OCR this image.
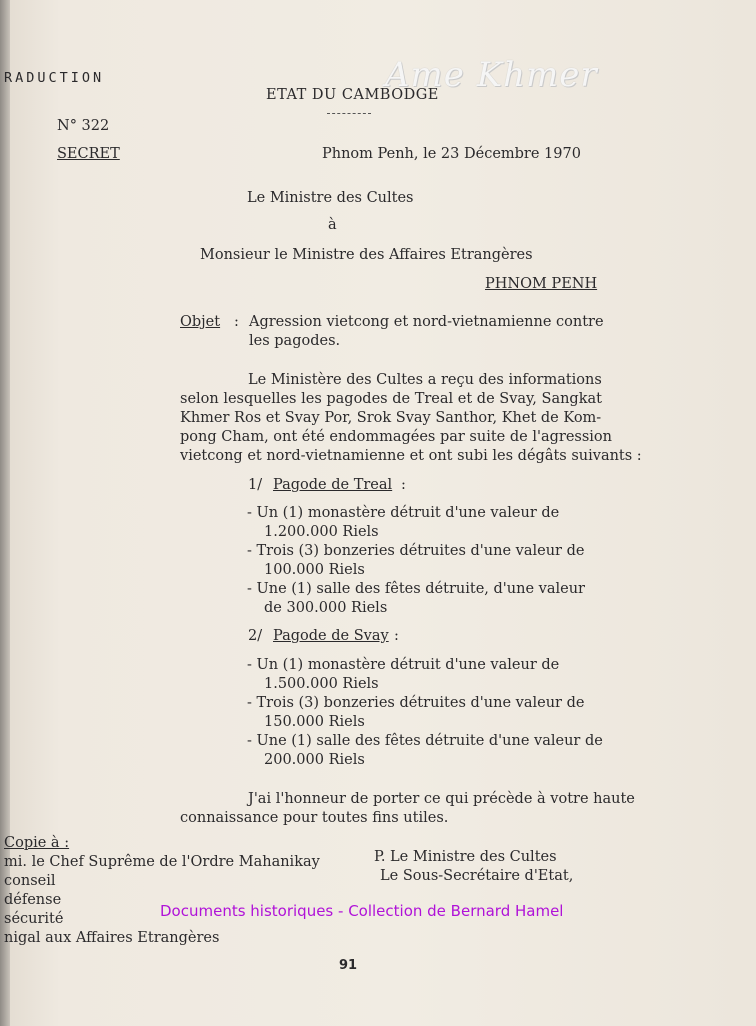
RADUCTION
ETAT DU CAMBODGE
Ame Khmer
N° 322
SECRET	Phnom Penh, le 23 Décembre 1970
Le Ministre des Cultes
à
Monsieur le Ministre des Affaires Etrangères
PHNOM PENH
Objet : Agression vietcong et nord-vietnamienne contre
les pagodes.
Le Ministère des Cultes a reçu des informations
selon lesquelles les pagodes de Treal et de Svay, Sangkat
Khmer Ros et Svay Por, Srok Svay Santhor, Khet de Kom-
pong Cham, ont été endommagées par suite de l'agression
vietcong et nord-vietnamienne et ont subi les dégâts suivants :
1/ Pagode de Treal :
- Un (1) monastère détruit d'une valeur de
1.200.000 Riels
- Trois (3) bonzeries détruites d'une valeur de
100.000 Riels
- Une (1) salle des fêtes détruite, d'une valeur
de 300.000 Riels
2/ Pagode de Svay :
- Un (1) monastère détruit d'une valeur de
1.500.000 Riels
- Trois (3) bonzeries détruites d'une valeur de
150.000 Riels
- Une (1) salle des fêtes détruite d'une valeur de
200.000 Riels
J'ai l'honneur de porter ce qui précède à votre haute
connaissance pour toutes fins utiles.
Copie à :
mi. le Chef Suprême de l'Ordre Mahanikay
conseil
défense
sécurité
nigal aux Affaires Etrangères
P. Le Ministre des Cultes
Le Sous-Secrétaire d'Etat,
Documents historiques - Collection de Bernard Hamel
91
